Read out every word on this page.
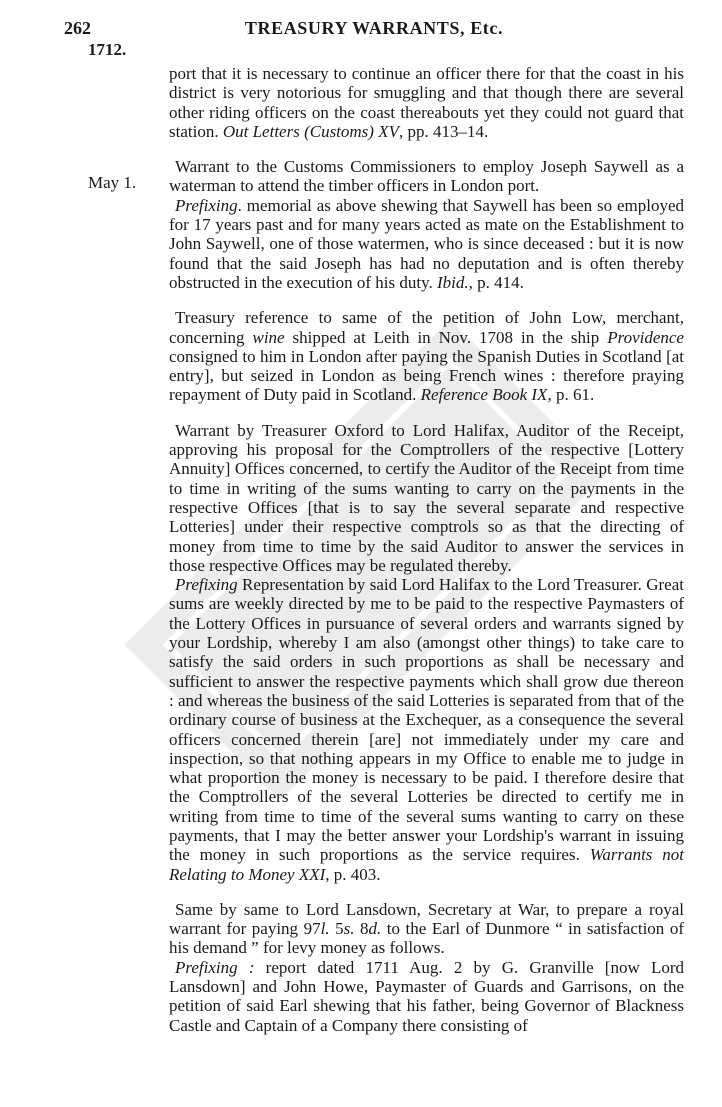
262	TREASURY WARRANTS, Etc.
1712.
May 1.

port that it is necessary to continue an officer there for that the coast in his district is very notorious for smuggling and that though there are several other riding officers on the coast thereabouts yet they could not guard that station. Out Letters (Customs) XV, pp. 413–14.

Warrant to the Customs Commissioners to employ Joseph Saywell as a waterman to attend the timber officers in London port.

Prefixing. memorial as above shewing that Saywell has been so employed for 17 years past and for many years acted as mate on the Establishment to John Saywell, one of those watermen, who is since deceased : but it is now found that the said Joseph has had no deputation and is often thereby obstructed in the execution of his duty. Ibid., p. 414.

Treasury reference to same of the petition of John Low, merchant, concerning wine shipped at Leith in Nov. 1708 in the ship Providence consigned to him in London after paying the Spanish Duties in Scotland [at entry], but seized in London as being French wines : therefore praying repayment of Duty paid in Scotland. Reference Book IX, p. 61.

Warrant by Treasurer Oxford to Lord Halifax, Auditor of the Receipt, approving his proposal for the Comptrollers of the respective [Lottery Annuity] Offices concerned, to certify the Auditor of the Receipt from time to time in writing of the sums wanting to carry on the payments in the respective Offices [that is to say the several separate and respective Lotteries] under their respective comptrols so as that the directing of money from time to time by the said Auditor to answer the services in those respective Offices may be regulated thereby.

Prefixing Representation by said Lord Halifax to the Lord Treasurer. Great sums are weekly directed by me to be paid to the respective Paymasters of the Lottery Offices in pursuance of several orders and warrants signed by your Lordship, whereby I am also (amongst other things) to take care to satisfy the said orders in such proportions as shall be necessary and sufficient to answer the respective payments which shall grow due thereon : and whereas the business of the said Lotteries is separated from that of the ordinary course of business at the Exchequer, as a consequence the several officers concerned therein [are] not immediately under my care and inspection, so that nothing appears in my Office to enable me to judge in what proportion the money is necessary to be paid. I therefore desire that the Comptrollers of the several Lotteries be directed to certify me in writing from time to time of the several sums wanting to carry on these payments, that I may the better answer your Lordship's warrant in issuing the money in such proportions as the service requires. Warrants not Relating to Money XXI, p. 403.

Same by same to Lord Lansdown, Secretary at War, to prepare a royal warrant for paying 97l. 5s. 8d. to the Earl of Dunmore “ in satisfaction of his demand ” for levy money as follows.

Prefixing : report dated 1711 Aug. 2 by G. Granville [now Lord Lansdown] and John Howe, Paymaster of Guards and Garrisons, on the petition of said Earl shewing that his father, being Governor of Blackness Castle and Captain of a Company there consisting of
